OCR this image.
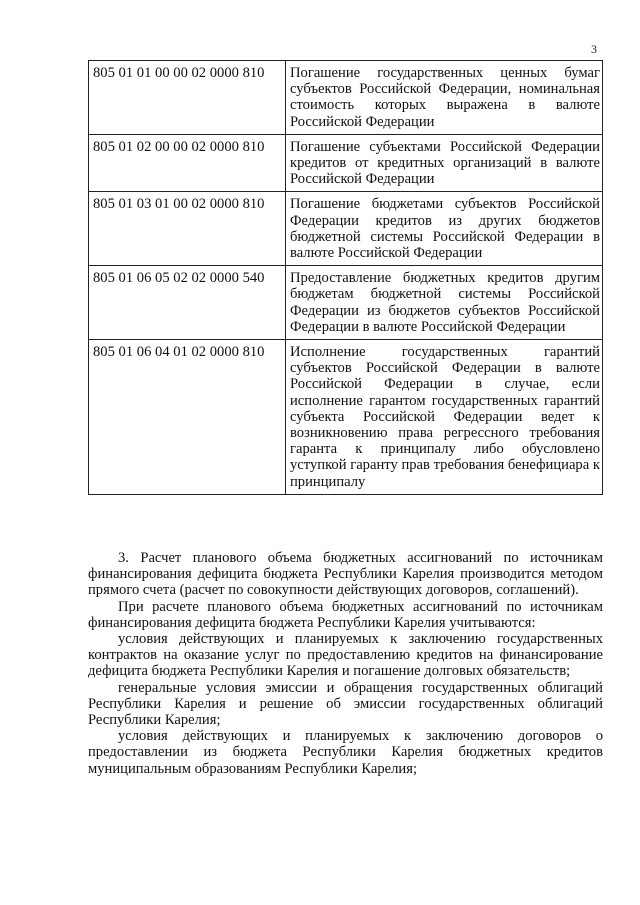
3
805 01 01 00 00 02 0000 810	Погашение государственных ценных бумаг субъектов Российской Федерации, номинальная стоимость которых выражена в валюте Российской Федерации
805 01 02 00 00 02 0000 810	Погашение субъектами Российской Федерации кредитов от кредитных организаций в валюте Российской Федерации
805 01 03 01 00 02 0000 810	Погашение бюджетами субъектов Российской Федерации кредитов из других бюджетов бюджетной системы Российской Федерации в валюте Российской Федерации
805 01 06 05 02 02 0000 540	Предоставление бюджетных кредитов другим бюджетам бюджетной системы Российской Федерации из бюджетов субъектов Российской Федерации в валюте Российской Федерации
805 01 06 04 01 02 0000 810	Исполнение государственных гарантий субъектов Российской Федерации в валюте Российской Федерации в случае, если исполнение гарантом государственных гарантий субъекта Российской Федерации ведет к возникновению права регрессного требования гаранта к принципалу либо обусловлено уступкой гаранту прав требования бенефициара к принципалу

3. Расчет планового объема бюджетных ассигнований по источникам финансирования дефицита бюджета Республики Карелия производится методом прямого счета (расчет по совокупности действующих договоров, соглашений).

При расчете планового объема бюджетных ассигнований по источникам финансирования дефицита бюджета Республики Карелия учитываются:

условия действующих и планируемых к заключению государственных контрактов на оказание услуг по предоставлению кредитов на финансирование дефицита бюджета Республики Карелия и погашение долговых обязательств;

генеральные условия эмиссии и обращения государственных облигаций Республики Карелия и решение об эмиссии государственных облигаций Республики Карелия;

условия действующих и планируемых к заключению договоров о предоставлении из бюджета Республики Карелия бюджетных кредитов муниципальным образованиям Республики Карелия;
